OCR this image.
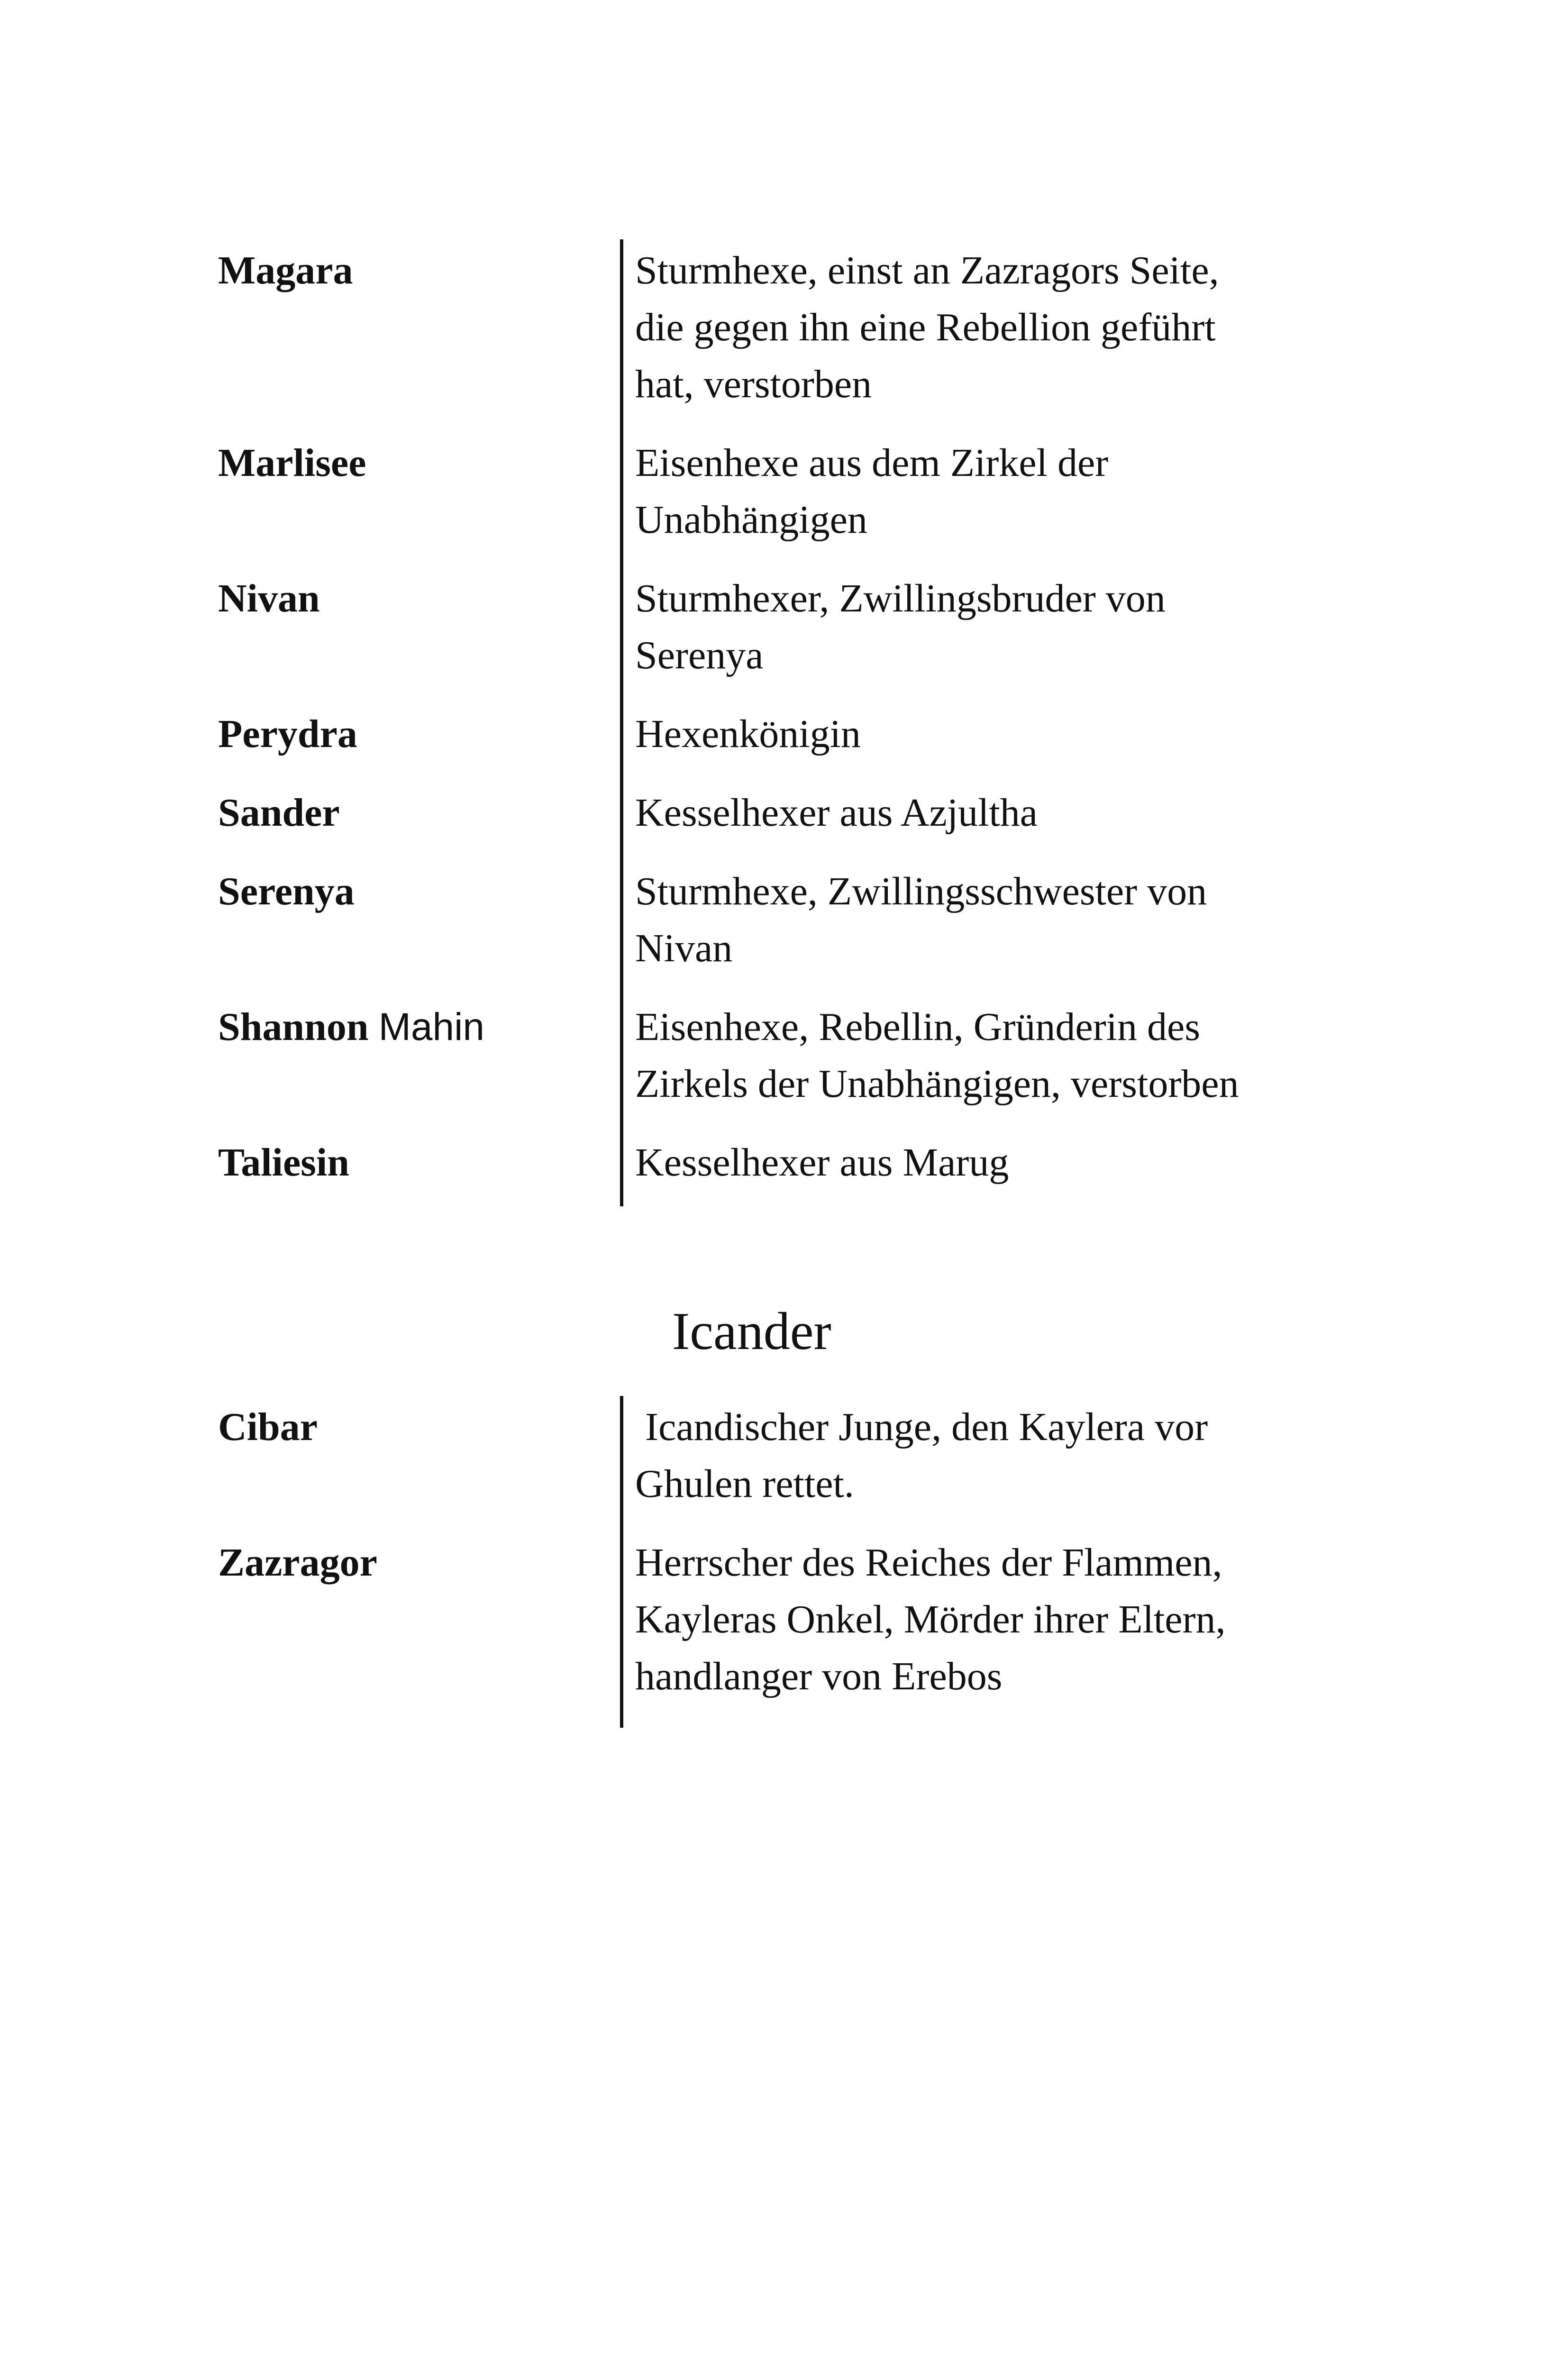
Magara	Sturmhexe, einst an Zazragors Seite,
die gegen ihn eine Rebellion geführt
hat, verstorben
Marlisee	Eisenhexe aus dem Zirkel der
Unabhängigen
Nivan	Sturmhexer, Zwillingsbruder von
Serenya
Perydra	Hexenkönigin
Sander	Kesselhexer aus Azjultha
Serenya	Sturmhexe, Zwillingsschwester von
Nivan
Shannon Mahin	Eisenhexe, Rebellin, Gründerin des
Zirkels der Unabhängigen, verstorben
Taliesin	Kesselhexer aus Marug
Icander
Cibar	Icandischer Junge, den Kaylera vor
Ghulen rettet.
Zazragor	Herrscher des Reiches der Flammen,
Kayleras Onkel, Mörder ihrer Eltern,
handlanger von Erebos
